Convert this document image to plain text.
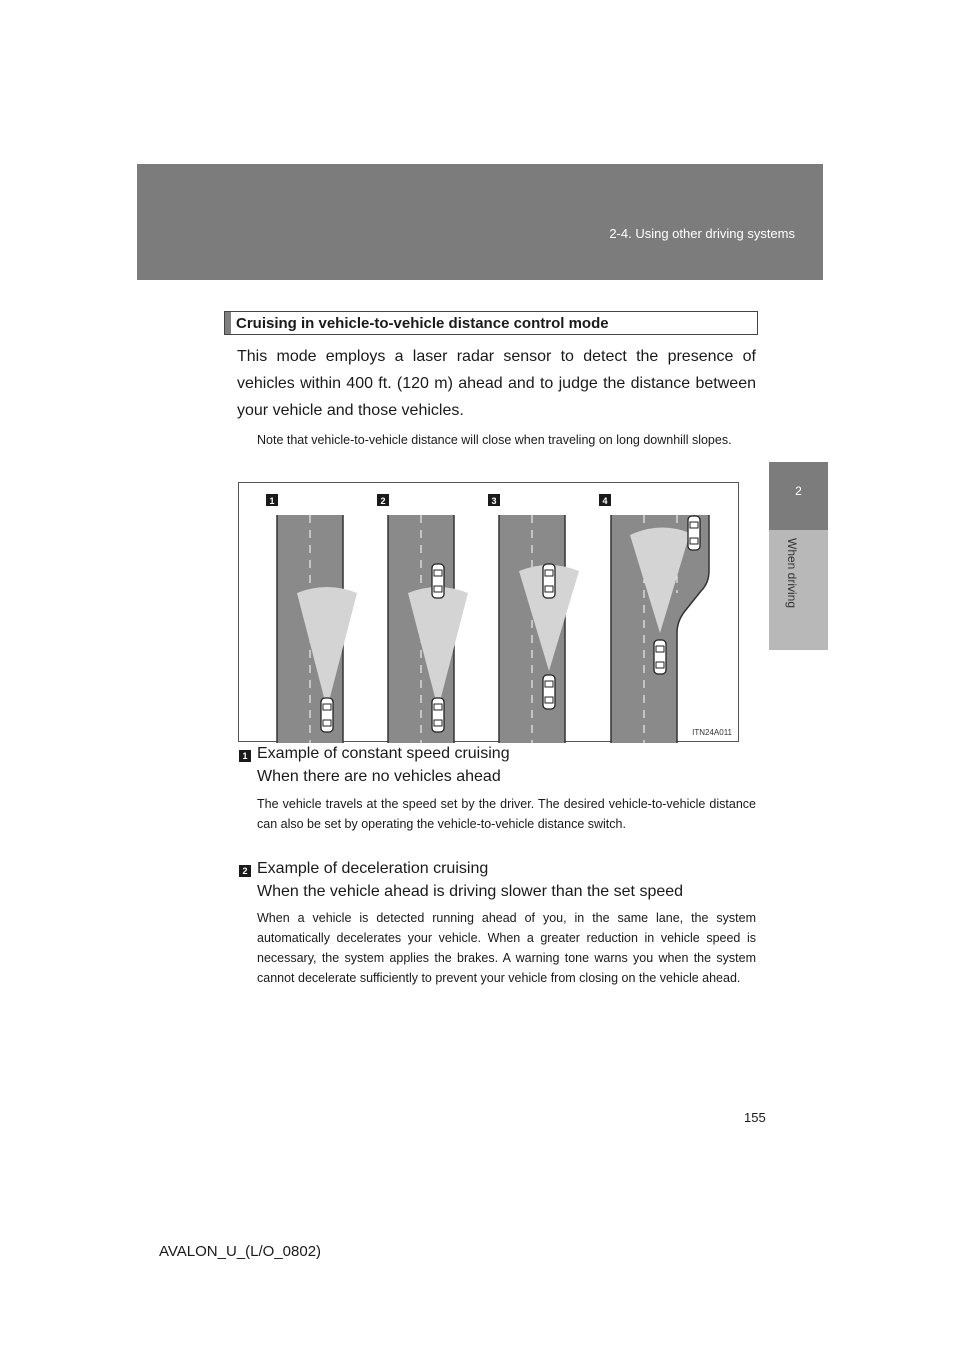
2-4. Using other driving systems
2
When driving
Cruising in vehicle-to-vehicle distance control mode
This mode employs a laser radar sensor to detect the presence of vehicles within 400 ft. (120 m) ahead and to judge the distance between your vehicle and those vehicles.
Note that vehicle-to-vehicle distance will close when traveling on long downhill slopes.
1	2	3	4
ITN24A011
1 Example of constant speed cruising
When there are no vehicles ahead
The vehicle travels at the speed set by the driver. The desired vehicle-to-vehicle distance can also be set by operating the vehicle-to-vehicle distance switch.
2 Example of deceleration cruising
When the vehicle ahead is driving slower than the set speed
When a vehicle is detected running ahead of you, in the same lane, the system automatically decelerates your vehicle. When a greater reduction in vehicle speed is necessary, the system applies the brakes. A warning tone warns you when the system cannot decelerate sufficiently to prevent your vehicle from closing on the vehicle ahead.
155
AVALON_U_(L/O_0802)
